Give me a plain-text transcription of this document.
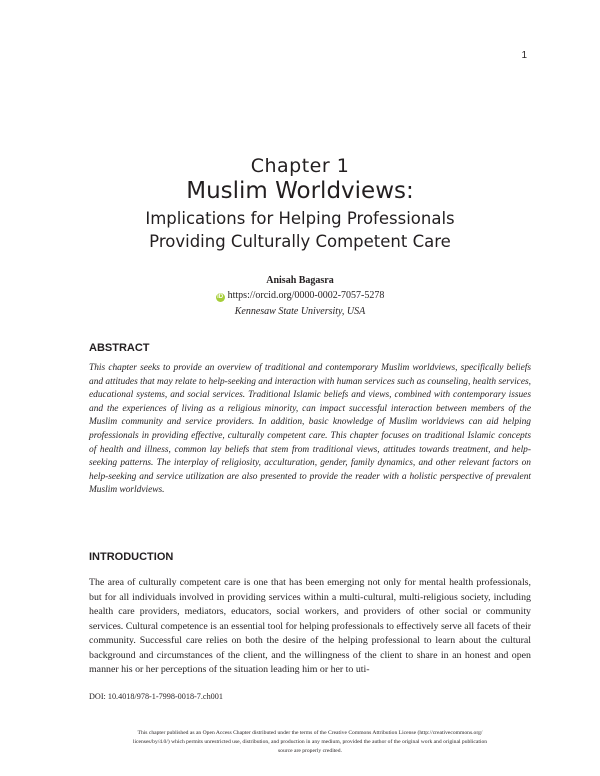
1
Chapter 1
Muslim Worldviews:
Implications for Helping Professionals
Providing Culturally Competent Care
Anisah Bagasra
iD https://orcid.org/0000-0002-7057-5278
Kennesaw State University, USA
ABSTRACT
This chapter seeks to provide an overview of traditional and contemporary Muslim worldviews, specifically beliefs and attitudes that may relate to help-seeking and interaction with human services such as counseling, health services, educational systems, and social services. Traditional Islamic beliefs and views, combined with contemporary issues and the experiences of living as a religious minority, can impact successful interaction between members of the Muslim community and service providers. In addition, basic knowledge of Muslim worldviews can aid helping professionals in providing effective, culturally competent care. This chapter focuses on traditional Islamic concepts of health and illness, common lay beliefs that stem from traditional views, attitudes towards treatment, and help-seeking patterns. The interplay of religiosity, acculturation, gender, family dynamics, and other relevant factors on help-seeking and service utilization are also presented to provide the reader with a holistic perspective of prevalent Muslim worldviews.
INTRODUCTION
The area of culturally competent care is one that has been emerging not only for mental health professionals, but for all individuals involved in providing services within a multi-cultural, multi-religious society, including health care providers, mediators, educators, social workers, and providers of other social or community services. Cultural competence is an essential tool for helping professionals to effectively serve all facets of their community. Successful care relies on both the desire of the helping professional to learn about the cultural background and circumstances of the client, and the willingness of the client to share in an honest and open manner his or her perceptions of the situation leading him or her to uti-
DOI: 10.4018/978-1-7998-0018-7.ch001
This chapter published as an Open Access Chapter distributed under the terms of the Creative Commons Attribution License (http://creativecommons.org/
licenses/by/4.0/) which permits unrestricted use, distribution, and production in any medium, provided the author of the original work and original publication
source are properly credited.
